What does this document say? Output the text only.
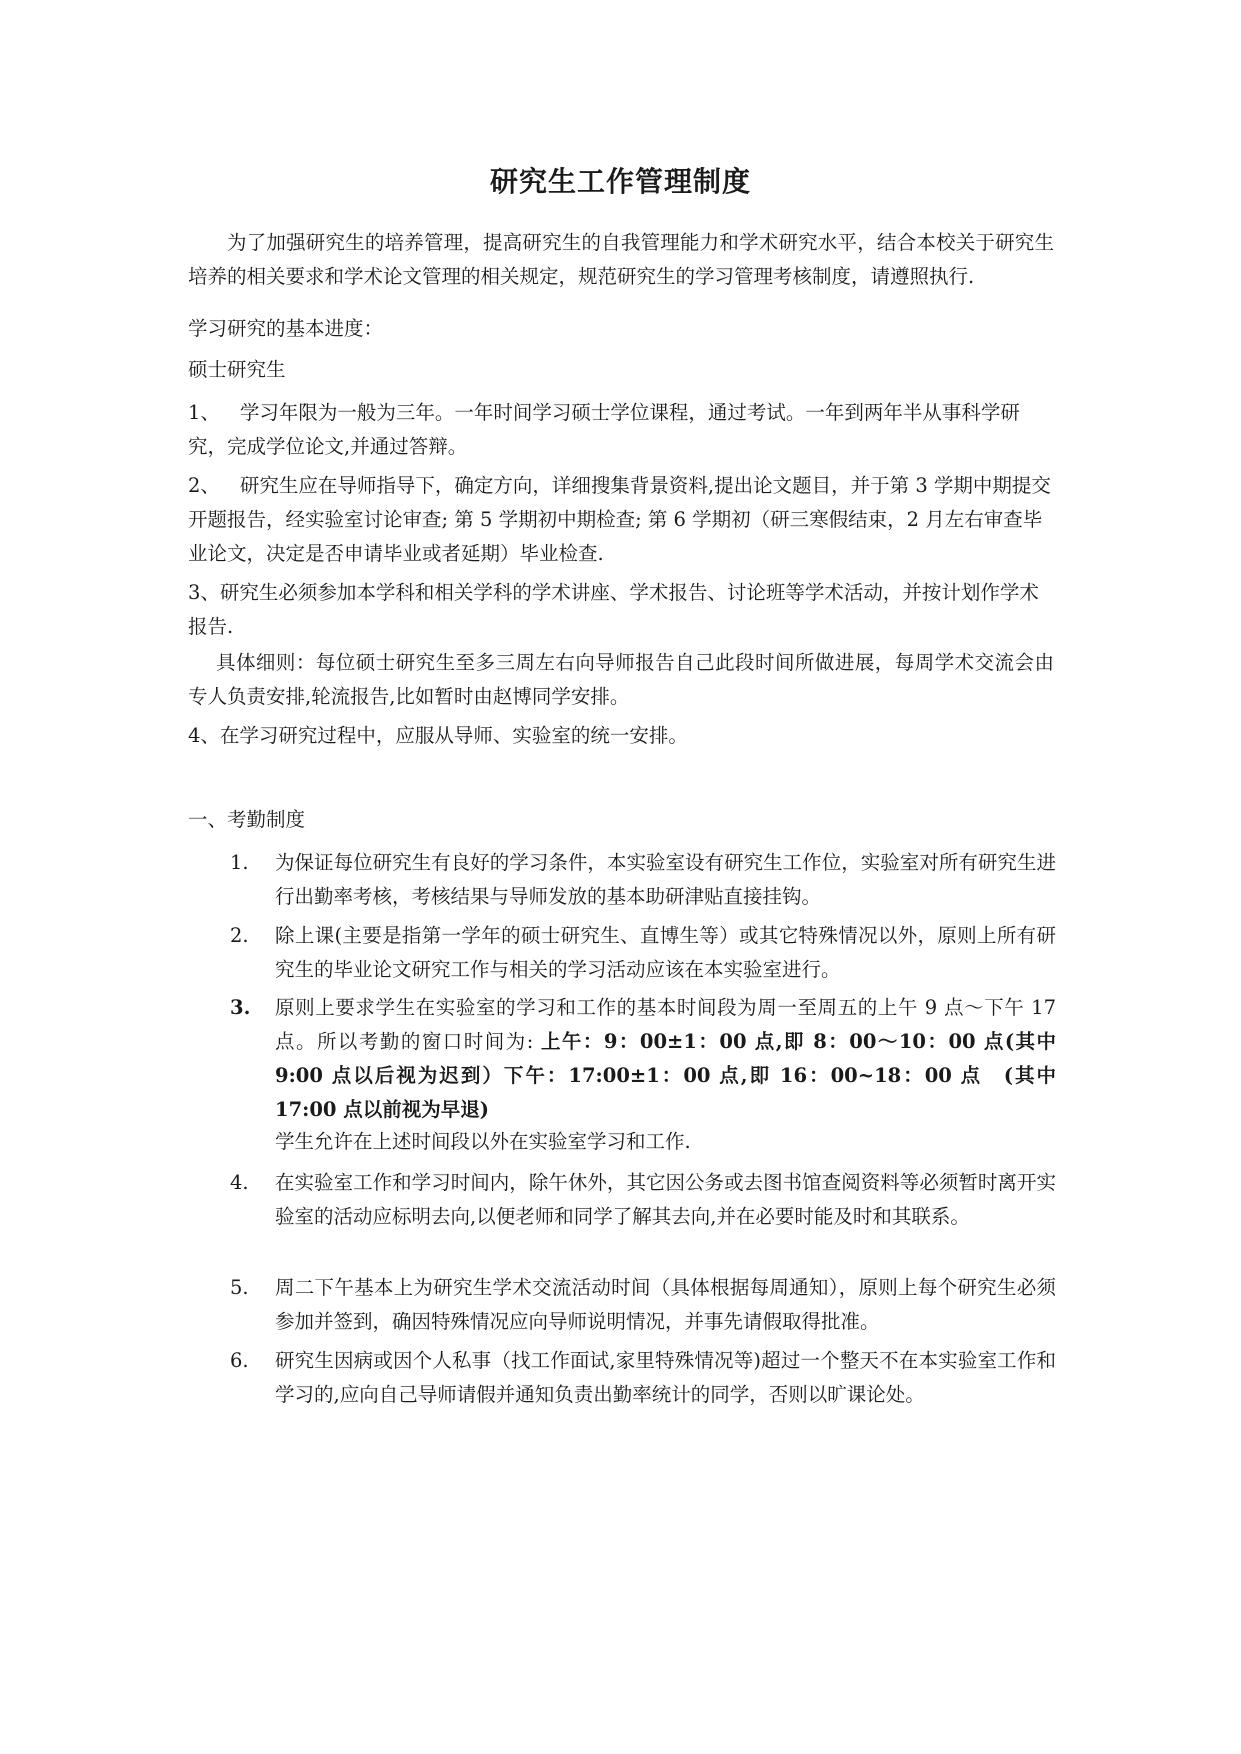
研究生工作管理制度
为了加强研究生的培养管理，提高研究生的自我管理能力和学术研究水平，结合本校关于研究生培养的相关要求和学术论文管理的相关规定，规范研究生的学习管理考核制度，请遵照执行.
学习研究的基本进度：
硕士研究生
1、 学习年限为一般为三年。一年时间学习硕士学位课程，通过考试。一年到两年半从事科学研究，完成学位论文,并通过答辩。
2、 研究生应在导师指导下，确定方向，详细搜集背景资料,提出论文题目，并于第 3 学期中期提交开题报告，经实验室讨论审查; 第 5 学期初中期检查; 第 6 学期初（研三寒假结束，2 月左右审查毕业论文，决定是否申请毕业或者延期）毕业检查.
3、研究生必须参加本学科和相关学科的学术讲座、学术报告、讨论班等学术活动，并按计划作学术报告.
具体细则：每位硕士研究生至多三周左右向导师报告自己此段时间所做进展，每周学术交流会由专人负责安排,轮流报告,比如暂时由赵博同学安排。
4、在学习研究过程中，应服从导师、实验室的统一安排。
一、考勤制度
1.	为保证每位研究生有良好的学习条件，本实验室设有研究生工作位，实验室对所有研究生进行出勤率考核，考核结果与导师发放的基本助研津贴直接挂钩。
2.	除上课(主要是指第一学年的硕士研究生、直博生等）或其它特殊情况以外，原则上所有研究生的毕业论文研究工作与相关的学习活动应该在本实验室进行。
3.	原则上要求学生在实验室的学习和工作的基本时间段为周一至周五的上午 9 点～下午 17 点。所以考勤的窗口时间为: 上午：9：00±1：00 点,即 8：00～10：00 点(其中 9:00 点以后视为迟到）下午：17:00±1：00 点,即 16：00~18：00 点　(其中 17:00 点以前视为早退)
学生允许在上述时间段以外在实验室学习和工作.
4.	在实验室工作和学习时间内，除午休外，其它因公务或去图书馆查阅资料等必须暂时离开实验室的活动应标明去向,以便老师和同学了解其去向,并在必要时能及时和其联系。
5.	周二下午基本上为研究生学术交流活动时间（具体根据每周通知），原则上每个研究生必须参加并签到，确因特殊情况应向导师说明情况，并事先请假取得批准。
6.	研究生因病或因个人私事（找工作面试,家里特殊情况等)超过一个整天不在本实验室工作和学习的,应向自己导师请假并通知负责出勤率统计的同学，否则以旷课论处。
